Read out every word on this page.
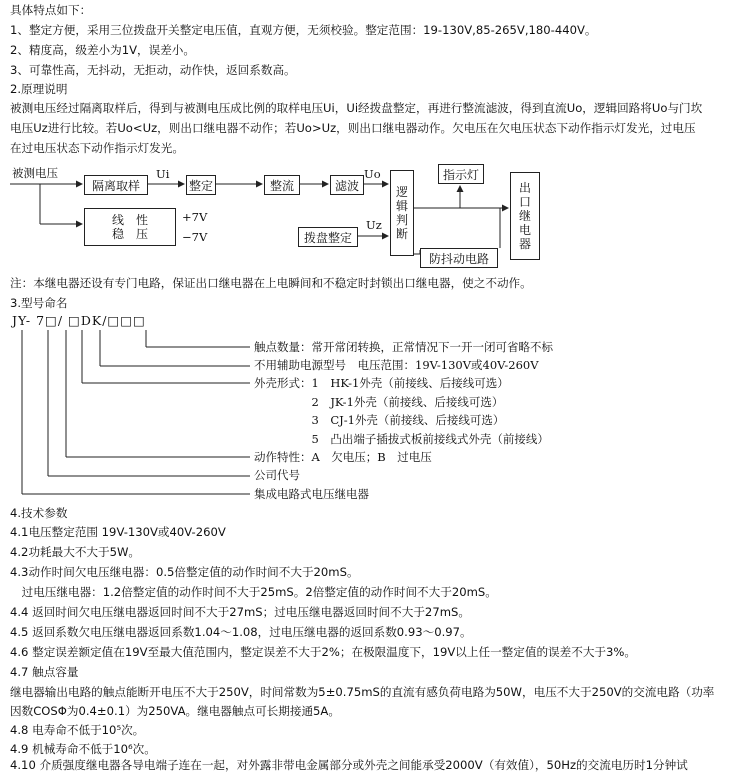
具体特点如下：
1、整定方便，采用三位拨盘开关整定电压值，直观方便，无须校验。整定范围：19-130V,85-265V,180-440V。
2、精度高，级差小为1V，误差小。
3、可靠性高，无抖动，无拒动，动作快，返回系数高。
2.原理说明
被测电压经过隔离取样后，得到与被测电压成比例的取样电压Ui，Ui经拨盘整定，再进行整流滤波，得到直流Uo，逻辑回路将Uo与门坎
电压Uz进行比较。若Uo<Uz，则出口继电器不动作；若Uo>Uz，则出口继电器动作。欠电压在欠电压状态下动作指示灯发光，过电压
在过电压状态下动作指示灯发光。
被测电压
隔离取样
Ui
整定	整流	滤波
Uo
逻
辑
判
断
指示灯
出
口
继
电
器
线　性
稳　压
+7V
−7V	拨盘整定
Uz
防抖动电路
注：本继电器还设有专门电路，保证出口继电器在上电瞬间和不稳定时封锁出口继电器，使之不动作。
3.型号命名
JY- 7□/ □DK/□□□
触点数量：常开常闭转换，正常情况下一开一闭可省略不标
不用辅助电源型号　电压范围：19V-130V或40V-260V
外壳形式：1　HK-1外壳（前接线、后接线可选）
　　　　　2　JK-1外壳（前接线、后接线可选）
　　　　　3　CJ-1外壳（前接线、后接线可选）
　　　　　5　凸出端子插拔式板前接线式外壳（前接线）
动作特性：A　欠电压；B　过电压
公司代号
集成电路式电压继电器
4.技术参数
4.1电压整定范围 19V-130V或40V-260V
4.2功耗最大不大于5W。
4.3动作时间欠电压继电器：0.5倍整定值的动作时间不大于20mS。
　过电压继电器：1.2倍整定值的动作时间不大于25mS。2倍整定值的动作时间不大于20mS。
4.4 返回时间欠电压继电器返回时间不大于27mS；过电压继电器返回时间不大于27mS。
4.5 返回系数欠电压继电器返回系数1.04～1.08，过电压继电器的返回系数0.93～0.97。
4.6 整定误差额定值在19V至最大值范围内，整定误差不大于2%；在极限温度下，19V以上任一整定值的误差不大于3%。
4.7 触点容量
继电器输出电路的触点能断开电压不大于250V，时间常数为5±0.75mS的直流有感负荷电路为50W，电压不大于250V的交流电路（功率
因数COSΦ为0.4±0.1）为250VA。继电器触点可长期接通5A。
4.8 电寿命不低于10⁵次。
4.9 机械寿命不低于10⁶次。
4.10 介质强度继电器各导电端子连在一起，对外露非带电金属部分或外壳之间能承受2000V（有效值），50Hz的交流电历时1分钟试
